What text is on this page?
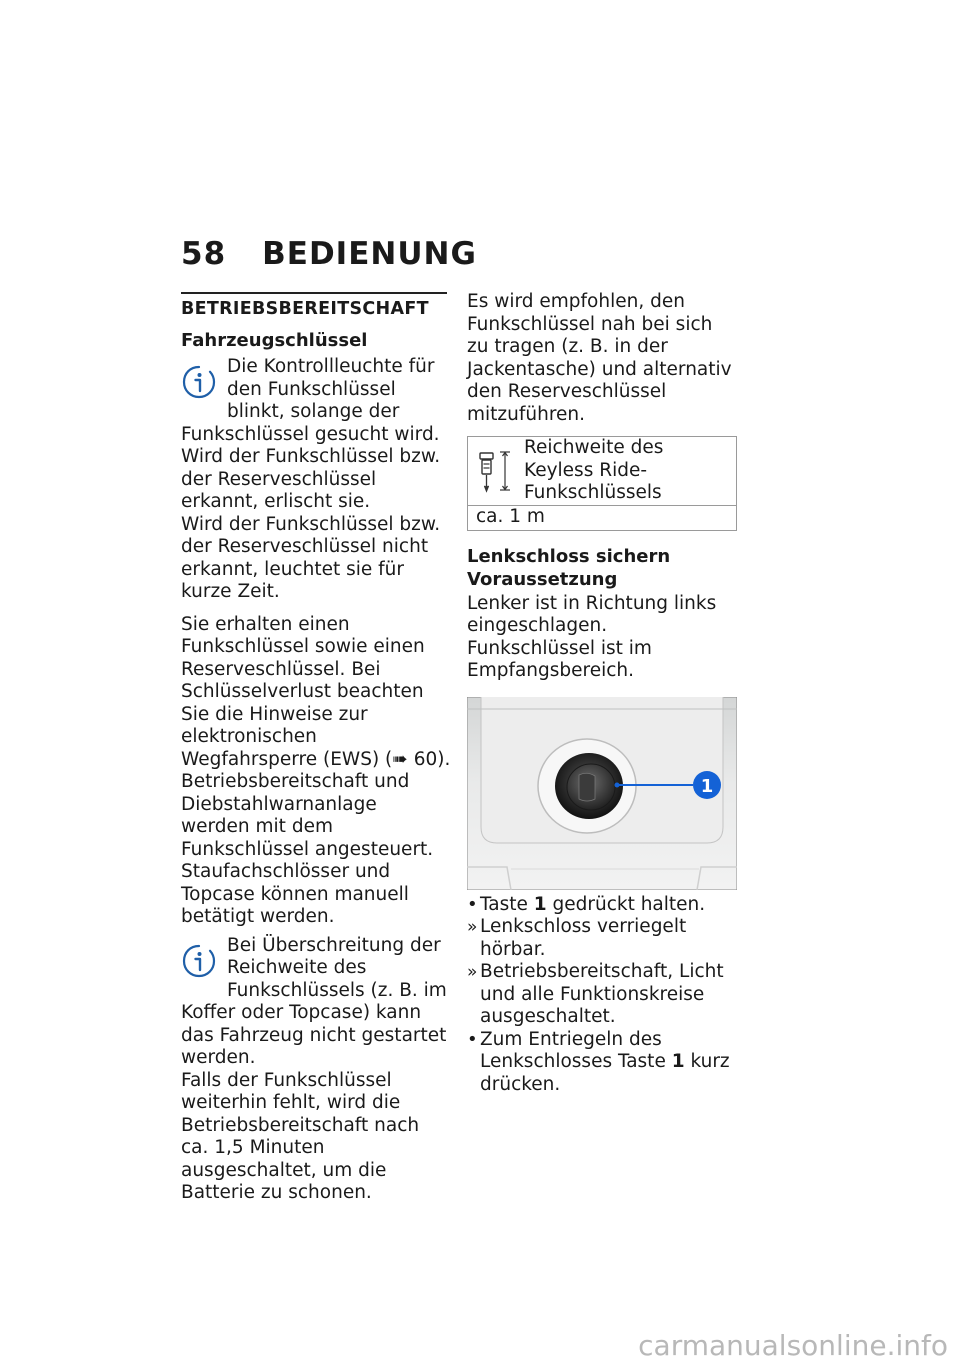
58 BEDIENUNG

BETRIEBSBEREITSCHAFT

Fahrzeugschlüssel

Die Kontrollleuchte für den Funkschlüssel blinkt, solange der Funkschlüssel gesucht wird.

Wird der Funkschlüssel bzw. der Reserveschlüssel erkannt, erlischt sie.

Wird der Funkschlüssel bzw. der Reserveschlüssel nicht erkannt, leuchtet sie für kurze Zeit.

Sie erhalten einen Funkschlüssel sowie einen Reserveschlüssel. Bei Schlüsselverlust beachten Sie die Hinweise zur elektronischen Wegfahrsperre (EWS) (➠ 60).

Betriebsbereitschaft und Diebstahlwarnanlage werden mit dem Funkschlüssel angesteuert. Staufachschlösser und Topcase können manuell betätigt werden.

Bei Überschreitung der Reichweite des Funkschlüssels (z. B. im Koffer oder Topcase) kann das Fahrzeug nicht gestartet werden.

Falls der Funkschlüssel weiterhin fehlt, wird die Betriebsbereitschaft nach ca. 1,5 Minuten ausgeschaltet, um die Batterie zu schonen.

Es wird empfohlen, den Funkschlüssel nah bei sich zu tragen (z. B. in der Jackentasche) und alternativ den Reserveschlüssel mitzuführen.

Reichweite des Keyless Ride-Funkschlüssels

ca. 1 m

Lenkschloss sichern

Voraussetzung

Lenker ist in Richtung links eingeschlagen. Funkschlüssel ist im Empfangsbereich.

1
• Taste 1 gedrückt halten.
» Lenkschloss verriegelt hörbar.
» Betriebsbereitschaft, Licht und alle Funktionskreise ausgeschaltet.
• Zum Entriegeln des Lenkschlosses Taste 1 kurz drücken.
carmanualsonline.info
